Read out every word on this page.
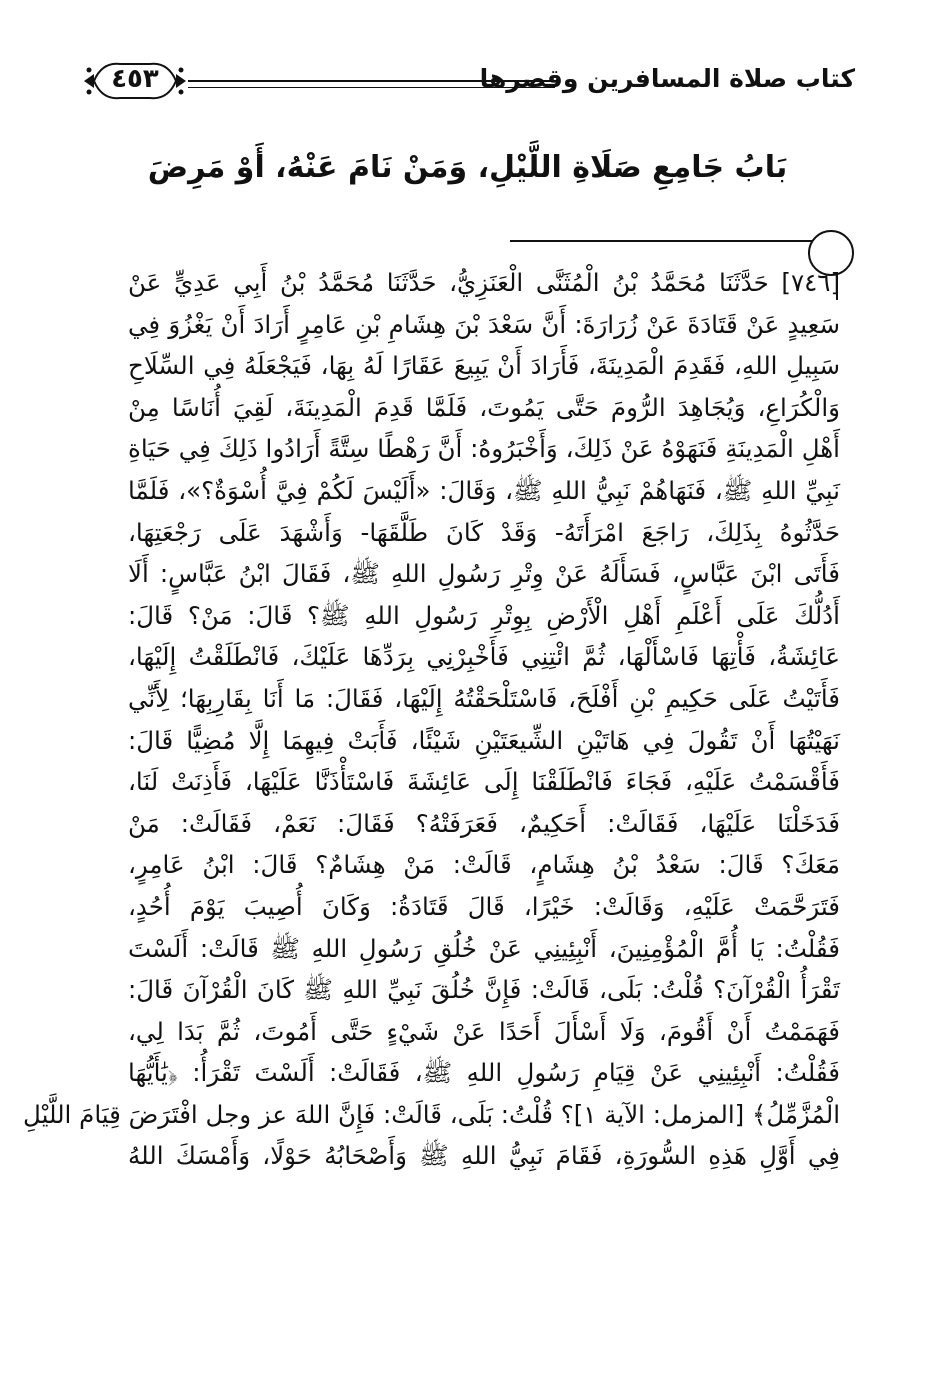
كتاب صلاة المسافرين وقصرها
٤٥٣
بَابُ جَامِعِ صَلَاةِ اللَّيْلِ، وَمَنْ نَامَ عَنْهُ، أَوْ مَرِضَ
[٧٤٦] حَدَّثَنَا مُحَمَّدُ بْنُ الْمُثَنَّى الْعَنَزِيُّ، حَدَّثَنَا مُحَمَّدُ بْنُ أَبِي عَدِيٍّ عَنْ
سَعِيدٍ عَنْ قَتَادَةَ عَنْ زُرَارَةَ: أَنَّ سَعْدَ بْنَ هِشَامِ بْنِ عَامِرٍ أَرَادَ أَنْ يَغْزُوَ فِي
سَبِيلِ اللهِ، فَقَدِمَ الْمَدِينَةَ، فَأَرَادَ أَنْ يَبِيعَ عَقَارًا لَهُ بِهَا، فَيَجْعَلَهُ فِي السِّلَاحِ
وَالْكُرَاعِ، وَيُجَاهِدَ الرُّومَ حَتَّى يَمُوتَ، فَلَمَّا قَدِمَ الْمَدِينَةَ، لَقِيَ أُنَاسًا مِنْ
أَهْلِ الْمَدِينَةِ فَنَهَوْهُ عَنْ ذَلِكَ، وَأَخْبَرُوهُ: أَنَّ رَهْطًا سِتَّةً أَرَادُوا ذَلِكَ فِي حَيَاةِ
نَبِيِّ اللهِ ﷺ، فَنَهَاهُمْ نَبِيُّ اللهِ ﷺ، وَقَالَ: «أَلَيْسَ لَكُمْ فِيَّ أُسْوَةٌ؟»، فَلَمَّا
حَدَّثُوهُ بِذَلِكَ، رَاجَعَ امْرَأَتَهُ- وَقَدْ كَانَ طَلَّقَهَا- وَأَشْهَدَ عَلَى رَجْعَتِهَا،
فَأَتَى ابْنَ عَبَّاسٍ، فَسَأَلَهُ عَنْ وِتْرِ رَسُولِ اللهِ ﷺ، فَقَالَ ابْنُ عَبَّاسٍ: أَلَا
أَدُلُّكَ عَلَى أَعْلَمِ أَهْلِ الْأَرْضِ بِوِتْرِ رَسُولِ اللهِ ﷺ؟ قَالَ: مَنْ؟ قَالَ:
عَائِشَةُ، فَأْتِهَا فَاسْأَلْهَا، ثُمَّ ائْتِنِي فَأَخْبِرْنِي بِرَدِّهَا عَلَيْكَ، فَانْطَلَقْتُ إِلَيْهَا،
فَأَتَيْتُ عَلَى حَكِيمِ بْنِ أَفْلَحَ، فَاسْتَلْحَقْتُهُ إِلَيْهَا، فَقَالَ: مَا أَنَا بِقَارِبِهَا؛ لِأَنِّي
نَهَيْتُهَا أَنْ تَقُولَ فِي هَاتَيْنِ الشِّيعَتَيْنِ شَيْئًا، فَأَبَتْ فِيهِمَا إِلَّا مُضِيًّا قَالَ:
فَأَقْسَمْتُ عَلَيْهِ، فَجَاءَ فَانْطَلَقْنَا إِلَى عَائِشَةَ فَاسْتَأْذَنَّا عَلَيْهَا، فَأَذِنَتْ لَنَا،
فَدَخَلْنَا عَلَيْهَا، فَقَالَتْ: أَحَكِيمٌ، فَعَرَفَتْهُ؟ فَقَالَ: نَعَمْ، فَقَالَتْ: مَنْ
مَعَكَ؟ قَالَ: سَعْدُ بْنُ هِشَامٍ، قَالَتْ: مَنْ هِشَامٌ؟ قَالَ: ابْنُ عَامِرٍ،
فَتَرَحَّمَتْ عَلَيْهِ، وَقَالَتْ: خَيْرًا، قَالَ قَتَادَةُ: وَكَانَ أُصِيبَ يَوْمَ أُحُدٍ،
فَقُلْتُ: يَا أُمَّ الْمُؤْمِنِينَ، أَنْبِئِينِي عَنْ خُلُقِ رَسُولِ اللهِ ﷺ قَالَتْ: أَلَسْتَ
تَقْرَأُ الْقُرْآنَ؟ قُلْتُ: بَلَى، قَالَتْ: فَإِنَّ خُلُقَ نَبِيِّ اللهِ ﷺ كَانَ الْقُرْآنَ قَالَ:
فَهَمَمْتُ أَنْ أَقُومَ، وَلَا أَسْأَلَ أَحَدًا عَنْ شَيْءٍ حَتَّى أَمُوتَ، ثُمَّ بَدَا لِي،
فَقُلْتُ: أَنْبِئِينِي عَنْ قِيَامِ رَسُولِ اللهِ ﷺ، فَقَالَتْ: أَلَسْتَ تَقْرَأُ: ﴿يَٰأَيُّهَا
الْمُزَّمِّلُ﴾ [المزمل: الآية ١]؟ قُلْتُ: بَلَى، قَالَتْ: فَإِنَّ اللهَ عز وجل افْتَرَضَ قِيَامَ اللَّيْلِ
فِي أَوَّلِ هَذِهِ السُّورَةِ، فَقَامَ نَبِيُّ اللهِ ﷺ وَأَصْحَابُهُ حَوْلًا، وَأَمْسَكَ اللهُ
